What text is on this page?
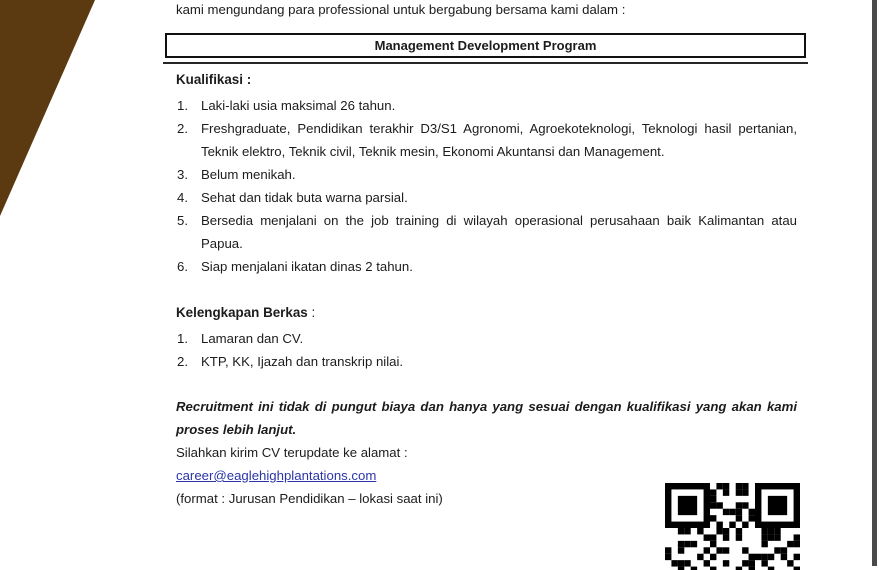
kami mengundang para professional untuk bergabung bersama kami dalam :
Management Development Program
Kualifikasi :
Laki-laki usia maksimal 26 tahun.
Freshgraduate, Pendidikan terakhir D3/S1 Agronomi, Agroekoteknologi, Teknologi hasil pertanian, Teknik elektro, Teknik civil, Teknik mesin, Ekonomi Akuntansi dan Management.
Belum menikah.
Sehat dan tidak buta warna parsial.
Bersedia menjalani on the job training di wilayah operasional perusahaan baik Kalimantan atau Papua.
Siap menjalani ikatan dinas 2 tahun.
Kelengkapan Berkas :
Lamaran dan CV.
KTP, KK, Ijazah dan transkrip nilai.
Recruitment ini tidak di pungut biaya dan hanya yang sesuai dengan kualifikasi yang akan kami proses lebih lanjut.
Silahkan kirim CV terupdate ke alamat :
career@eaglehighplantations.com
(format : Jurusan Pendidikan – lokasi saat ini)
